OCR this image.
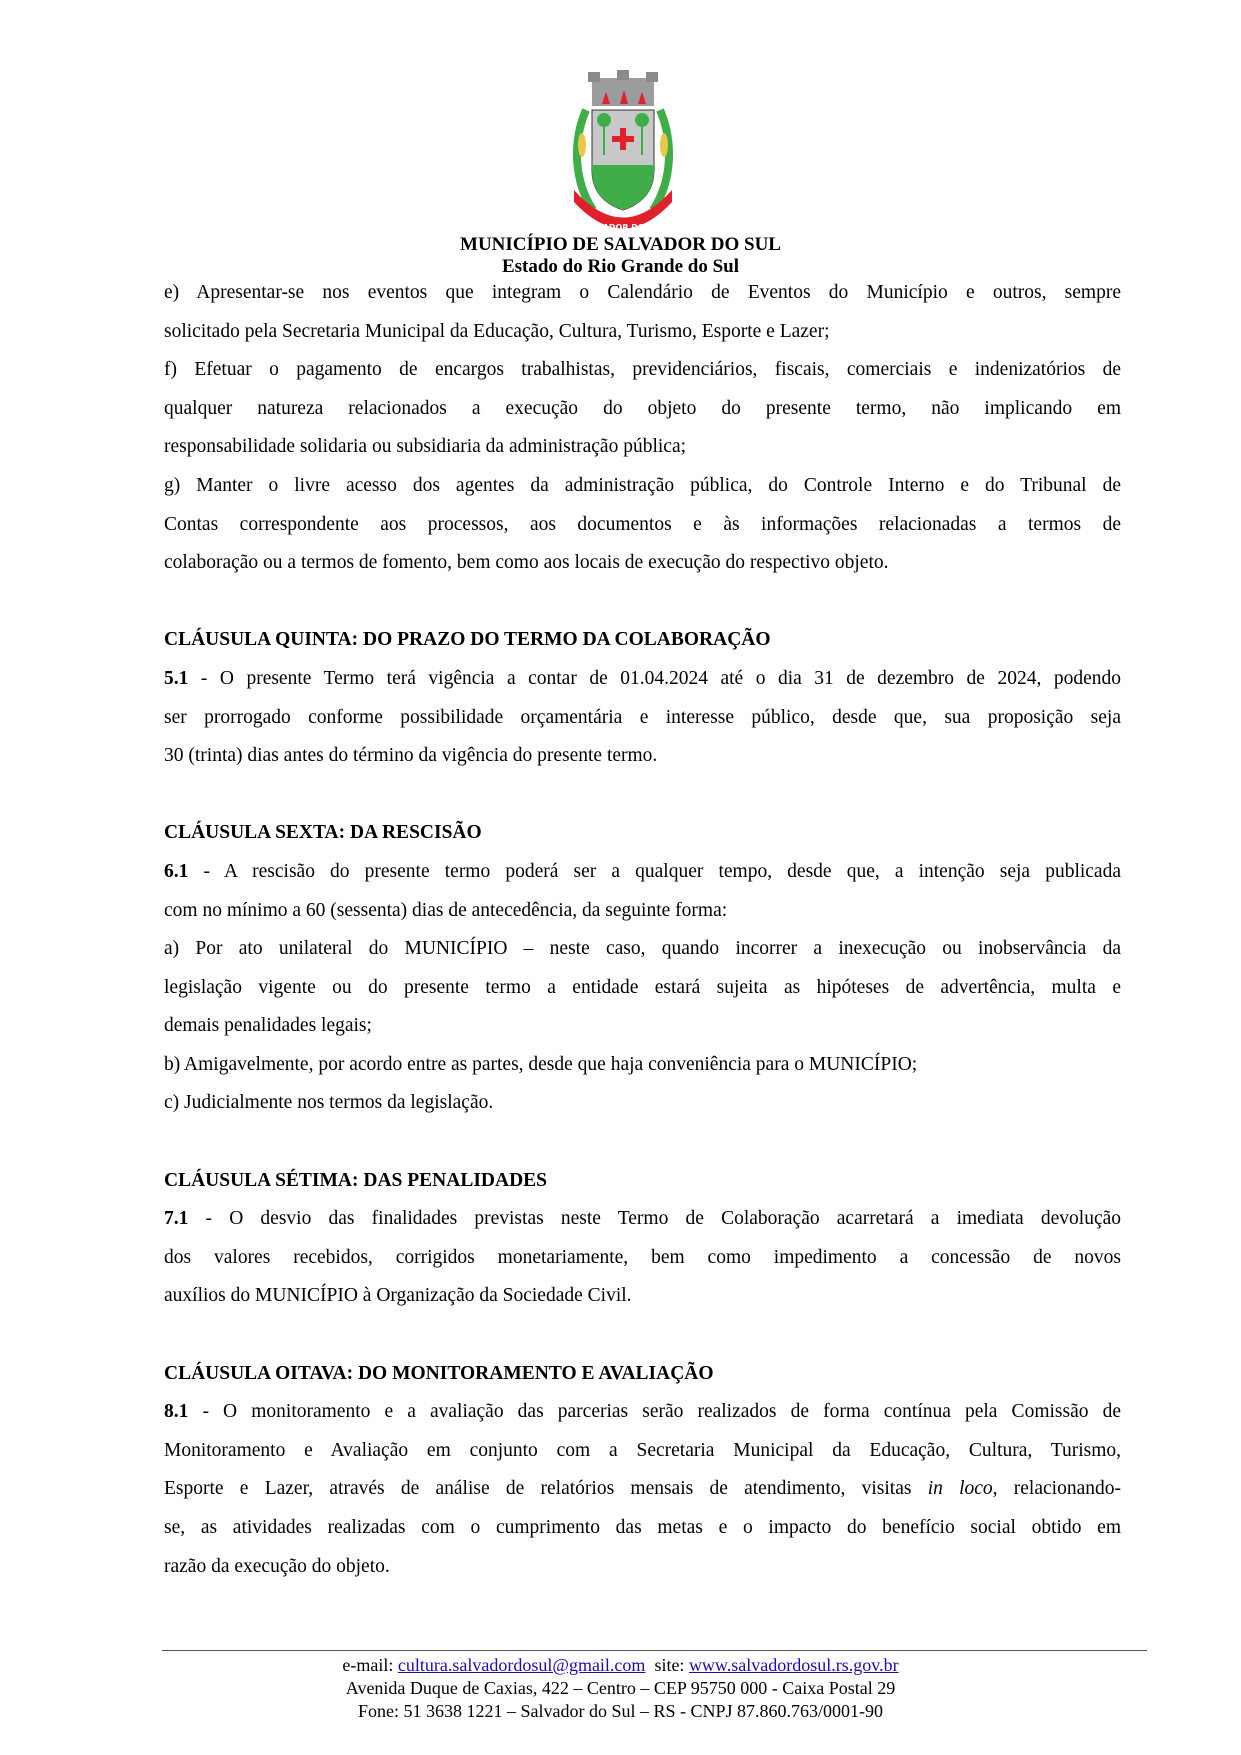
SALVADOR DO SUL
MUNICÍPIO DE SALVADOR DO SUL
Estado do Rio Grande do Sul
e) Apresentar-se nos eventos que integram o Calendário de Eventos do Município e outros, sempre
solicitado pela Secretaria Municipal da Educação, Cultura, Turismo, Esporte e Lazer;
f) Efetuar o pagamento de encargos trabalhistas, previdenciários, fiscais, comerciais e indenizatórios de
qualquer natureza relacionados a execução do objeto do presente termo, não implicando em
responsabilidade solidaria ou subsidiaria da administração pública;
g) Manter o livre acesso dos agentes da administração pública, do Controle Interno e do Tribunal de
Contas correspondente aos processos, aos documentos e às informações relacionadas a termos de
colaboração ou a termos de fomento, bem como aos locais de execução do respectivo objeto.
CLÁUSULA QUINTA: DO PRAZO DO TERMO DA COLABORAÇÃO
5.1 - O presente Termo terá vigência a contar de 01.04.2024 até o dia 31 de dezembro de 2024, podendo
ser prorrogado conforme possibilidade orçamentária e interesse público, desde que, sua proposição seja
30 (trinta) dias antes do término da vigência do presente termo.
CLÁUSULA SEXTA: DA RESCISÃO
6.1 - A rescisão do presente termo poderá ser a qualquer tempo, desde que, a intenção seja publicada
com no mínimo a 60 (sessenta) dias de antecedência, da seguinte forma:
a) Por ato unilateral do MUNICÍPIO – neste caso, quando incorrer a inexecução ou inobservância da
legislação vigente ou do presente termo a entidade estará sujeita as hipóteses de advertência, multa e
demais penalidades legais;
b) Amigavelmente, por acordo entre as partes, desde que haja conveniência para o MUNICÍPIO;
c) Judicialmente nos termos da legislação.
CLÁUSULA SÉTIMA: DAS PENALIDADES
7.1 - O desvio das finalidades previstas neste Termo de Colaboração acarretará a imediata devolução
dos valores recebidos, corrigidos monetariamente, bem como impedimento a concessão de novos
auxílios do MUNICÍPIO à Organização da Sociedade Civil.
CLÁUSULA OITAVA: DO MONITORAMENTO E AVALIAÇÃO
8.1 - O monitoramento e a avaliação das parcerias serão realizados de forma contínua pela Comissão de
Monitoramento e Avaliação em conjunto com a Secretaria Municipal da Educação, Cultura, Turismo,
Esporte e Lazer, através de análise de relatórios mensais de atendimento, visitas in loco, relacionando-
se, as atividades realizadas com o cumprimento das metas e o impacto do benefício social obtido em
razão da execução do objeto.
e-mail: cultura.salvadordosul@gmail.com  site: www.salvadordosul.rs.gov.br
Avenida Duque de Caxias, 422 – Centro – CEP 95750 000 - Caixa Postal 29
Fone: 51 3638 1221 – Salvador do Sul – RS - CNPJ 87.860.763/0001-90
